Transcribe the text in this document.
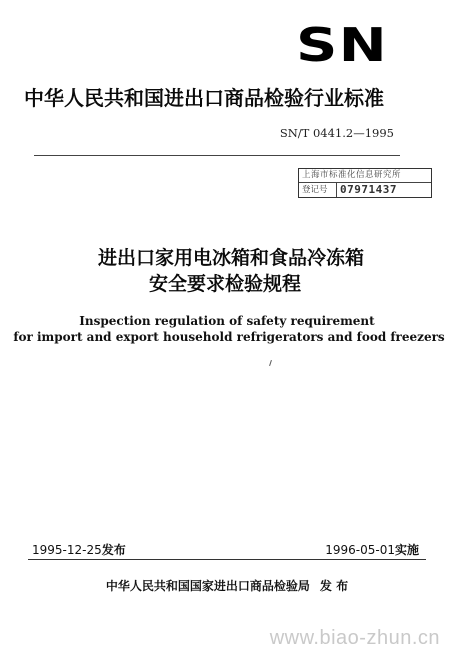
SN
中华人民共和国进出口商品检验行业标准
SN/T 0441.2—1995
上海市标准化信息研究所
登记号	07971437
进出口家用电冰箱和食品冷冻箱
安全要求检验规程
Inspection regulation of safety requirement
for import and export household refrigerators and food freezers
1995-12-25发布	1996-05-01实施
中华人民共和国国家进出口商品检验局 发 布
www.biao-zhun.cn
